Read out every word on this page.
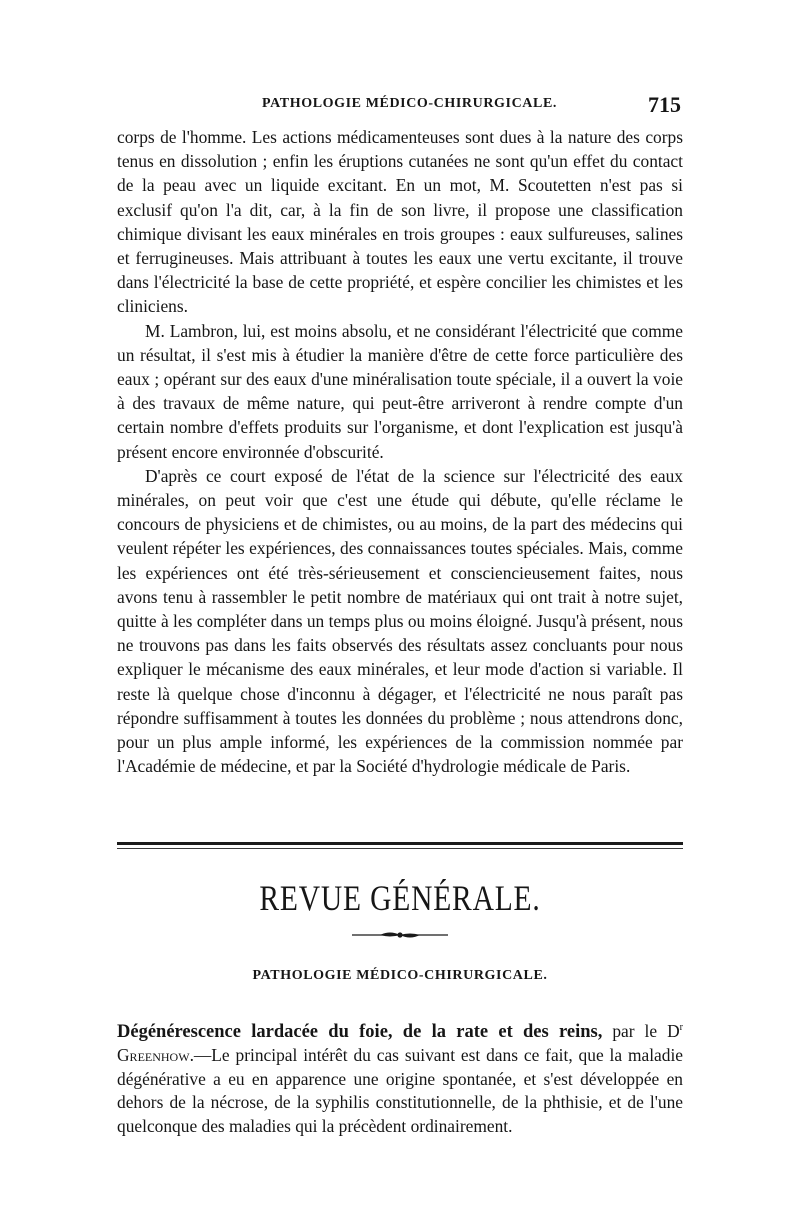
PATHOLOGIE MÉDICO-CHIRURGICALE.	715

corps de l'homme. Les actions médicamenteuses sont dues à la nature des corps tenus en dissolution ; enfin les éruptions cutanées ne sont qu'un effet du contact de la peau avec un liquide excitant. En un mot, M. Scoutetten n'est pas si exclusif qu'on l'a dit, car, à la fin de son livre, il propose une classification chimique divisant les eaux minérales en trois groupes : eaux sulfureuses, salines et ferrugineuses. Mais attribuant à toutes les eaux une vertu excitante, il trouve dans l'électricité la base de cette propriété, et espère concilier les chimistes et les cliniciens.

M. Lambron, lui, est moins absolu, et ne considérant l'électricité que comme un résultat, il s'est mis à étudier la manière d'être de cette force particulière des eaux ; opérant sur des eaux d'une minéralisation toute spéciale, il a ouvert la voie à des travaux de même nature, qui peut-être arriveront à rendre compte d'un certain nombre d'effets produits sur l'organisme, et dont l'explication est jusqu'à présent encore environnée d'obscurité.

D'après ce court exposé de l'état de la science sur l'électricité des eaux minérales, on peut voir que c'est une étude qui débute, qu'elle réclame le concours de physiciens et de chimistes, ou au moins, de la part des médecins qui veulent répéter les expériences, des connaissances toutes spéciales. Mais, comme les expériences ont été très-sérieusement et consciencieusement faites, nous avons tenu à rassembler le petit nombre de matériaux qui ont trait à notre sujet, quitte à les compléter dans un temps plus ou moins éloigné. Jusqu'à présent, nous ne trouvons pas dans les faits observés des résultats assez concluants pour nous expliquer le mécanisme des eaux minérales, et leur mode d'action si variable. Il reste là quelque chose d'inconnu à dégager, et l'électricité ne nous paraît pas répondre suffisamment à toutes les données du problème ; nous attendrons donc, pour un plus ample informé, les expériences de la commission nommée par l'Académie de médecine, et par la Société d'hydrologie médicale de Paris.

REVUE GÉNÉRALE.
PATHOLOGIE MÉDICO-CHIRURGICALE.
Dégénérescence lardacée du foie, de la rate et des reins, par le $D^r$ Greenhow.—Le principal intérêt du cas suivant est dans ce fait, que la maladie dégénérative a eu en apparence une origine spontanée, et s'est développée en dehors de la nécrose, de la syphilis constitutionnelle, de la phthisie, et de l'une quelconque des maladies qui la précèdent ordinairement.
